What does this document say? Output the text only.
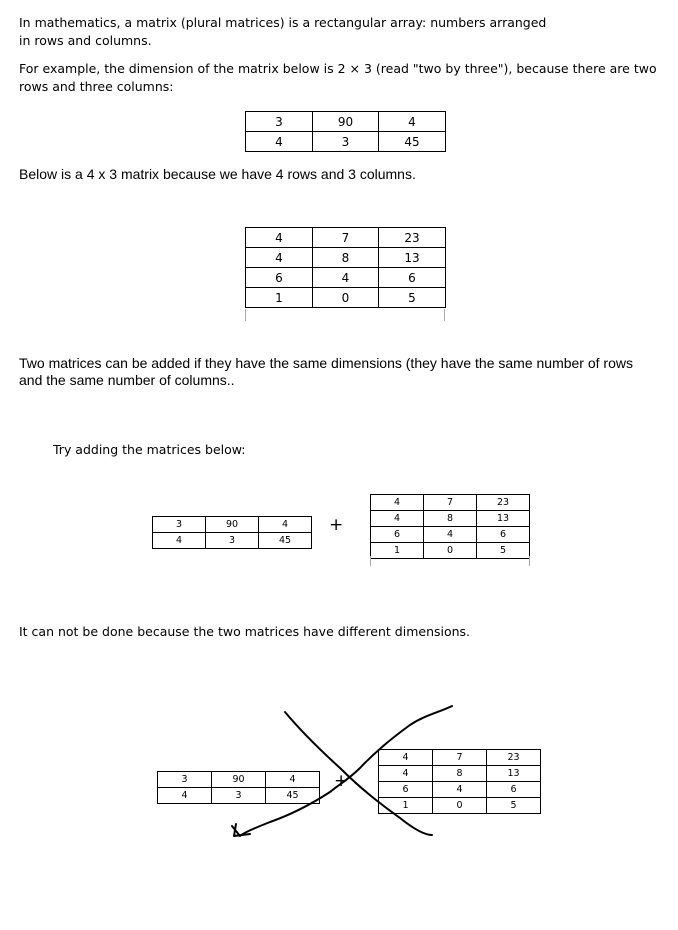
In mathematics, a matrix (plural matrices) is a rectangular array: numbers arranged

in rows and columns.

For example, the dimension of the matrix below is 2 × 3 (read "two by three"), because there are two

rows and three columns:

3	90	4
4	3	45

Below is a 4 x 3 matrix because we have 4 rows and 3 columns.

4	7	23
4	8	13
6	4	6
1	0	5

Two matrices can be added if they have the same dimensions (they have the same number of rows

and the same number of columns..

Try adding the matrices below:

3	90	4
4	3	45
+
4	7	23
4	8	13
6	4	6
1	0	5

It can not be done because the two matrices have different dimensions.

3	90	4
4	3	45
+
4	7	23
4	8	13
6	4	6
1	0	5
